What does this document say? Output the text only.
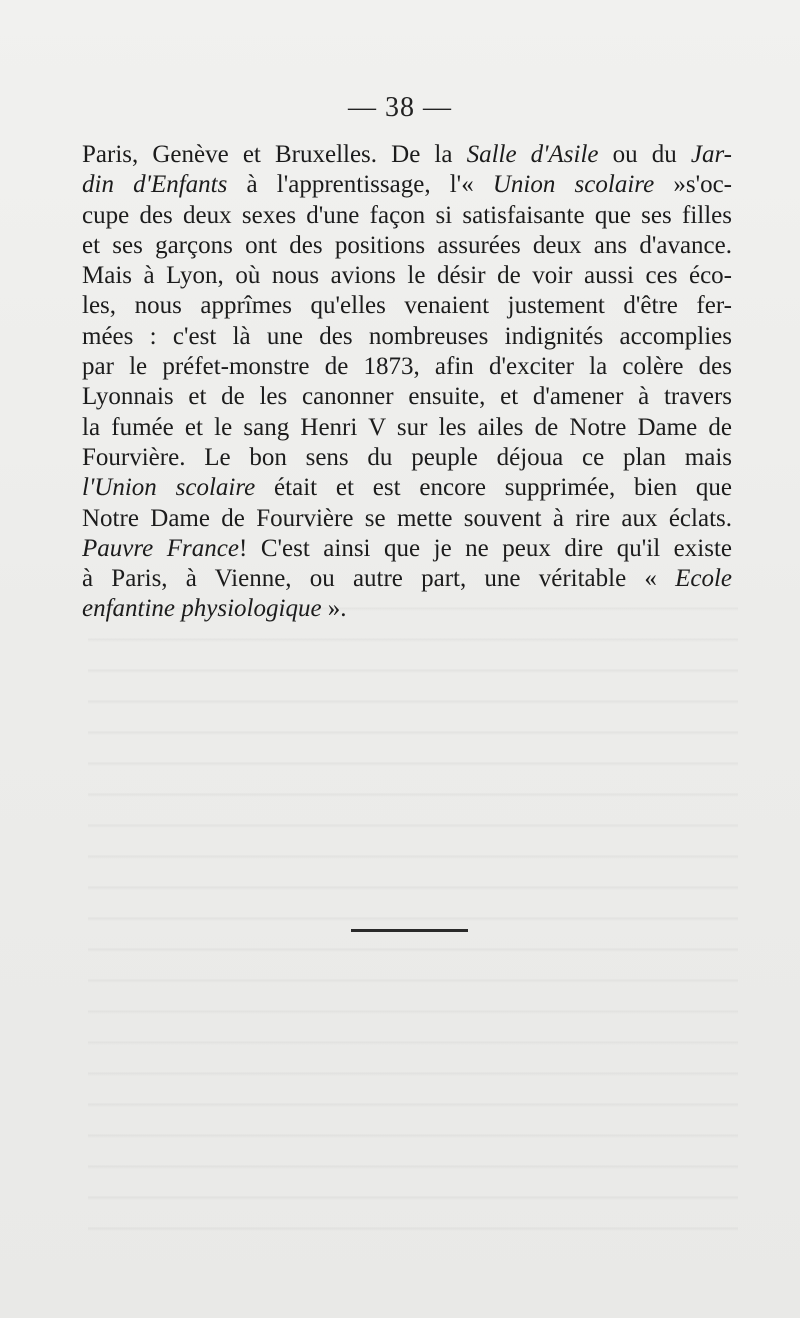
— 38 —
Paris, Genève et Bruxelles. De la Salle d'Asile ou du Jar-
din d'Enfants à l'apprentissage, l'« Union scolaire »s'oc-
cupe des deux sexes d'une façon si satisfaisante que ses filles
et ses garçons ont des positions assurées deux ans d'avance.
Mais à Lyon, où nous avions le désir de voir aussi ces éco-
les, nous apprîmes qu'elles venaient justement d'être fer-
mées : c'est là une des nombreuses indignités accomplies
par le préfet-monstre de 1873, afin d'exciter la colère des
Lyonnais et de les canonner ensuite, et d'amener à travers
la fumée et le sang Henri V sur les ailes de Notre Dame de
Fourvière. Le bon sens du peuple déjoua ce plan mais
l'Union scolaire était et est encore supprimée, bien que
Notre Dame de Fourvière se mette souvent à rire aux éclats.
Pauvre France! C'est ainsi que je ne peux dire qu'il existe
à Paris, à Vienne, ou autre part, une véritable « Ecole
enfantine physiologique ».
